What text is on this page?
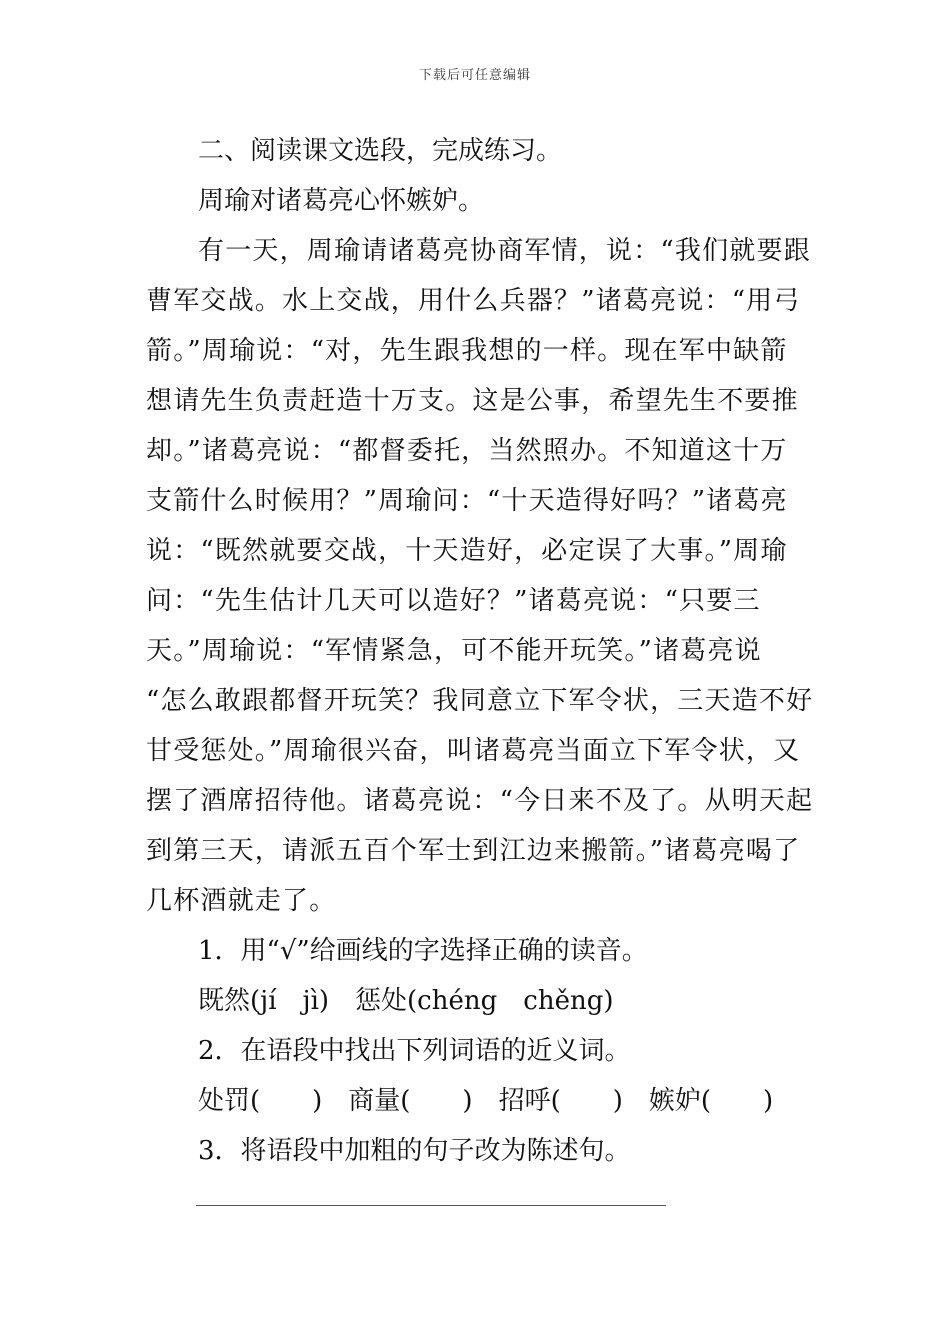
下载后可任意编辑
二、阅读课文选段，完成练习。
周瑜对诸葛亮心怀嫉妒。
有一天，周瑜请诸葛亮协商军情，说：“我们就要跟
曹军交战。水上交战，用什么兵器？”诸葛亮说：“用弓
箭。”周瑜说：“对，先生跟我想的一样。现在军中缺箭
想请先生负责赶造十万支。这是公事，希望先生不要推
却。”诸葛亮说：“都督委托，当然照办。不知道这十万
支箭什么时候用？”周瑜问：“十天造得好吗？”诸葛亮
说：“既然就要交战，十天造好，必定误了大事。”周瑜
问：“先生估计几天可以造好？”诸葛亮说：“只要三
天。”周瑜说：“军情紧急，可不能开玩笑。”诸葛亮说
“怎么敢跟都督开玩笑？我同意立下军令状，三天造不好
甘受惩处。”周瑜很兴奋，叫诸葛亮当面立下军令状，又
摆了酒席招待他。诸葛亮说：“今日来不及了。从明天起
到第三天，请派五百个军士到江边来搬箭。”诸葛亮喝了
几杯酒就走了。
1．用“√”给画线的字选择正确的读音。
既然(jí　jì)　惩处(chéng　chěng)
2．在语段中找出下列词语的近义词。
处罚(　　)　商量(　　)　招呼(　　)　嫉妒(　　)
3．将语段中加粗的句子改为陈述句。
